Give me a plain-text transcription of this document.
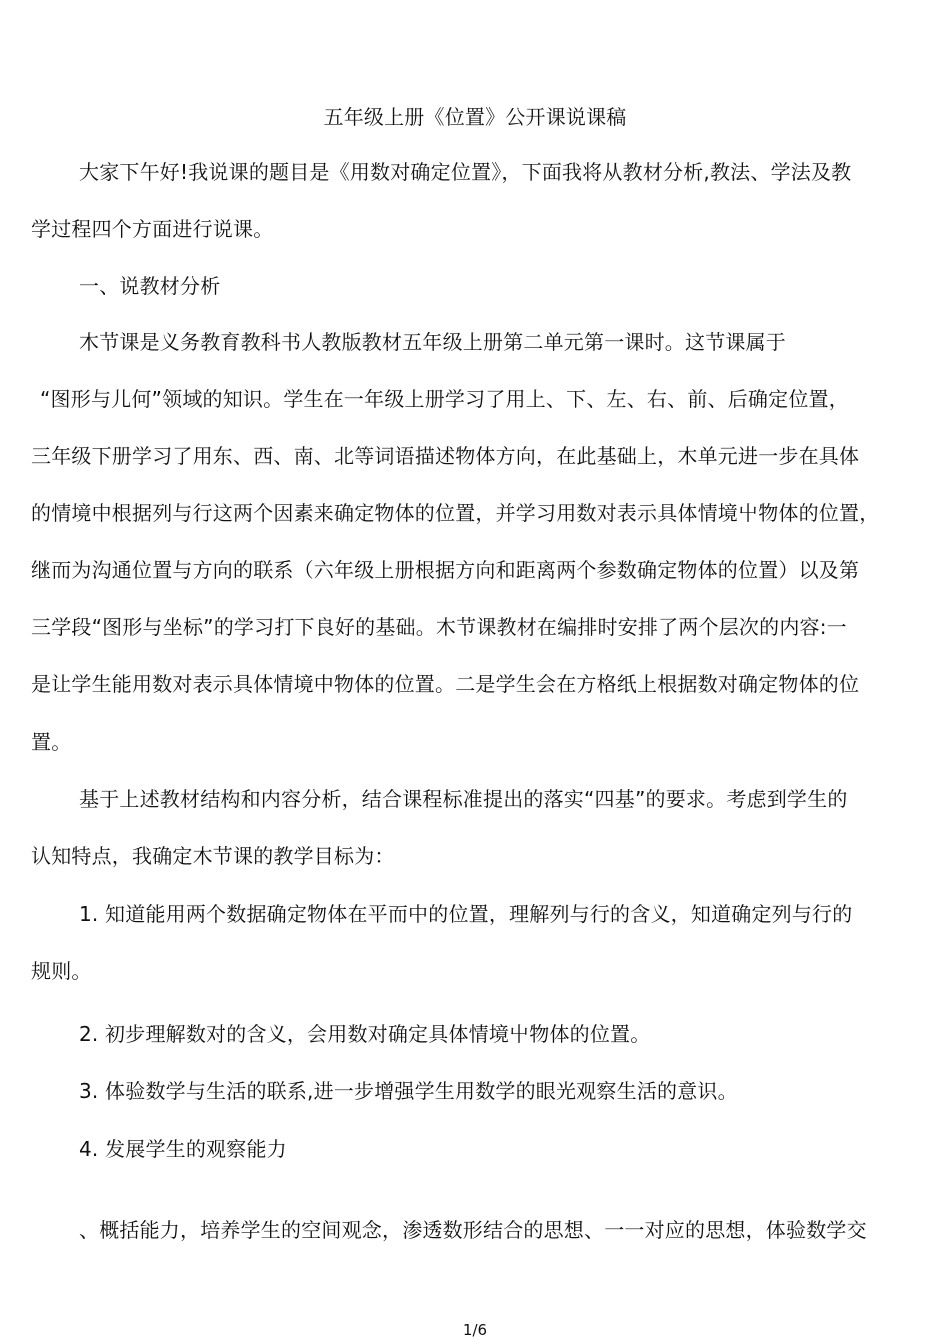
五年级上册《位置》公开课说课稿
大家下午好!我说课的题目是《用数对确定位置》，下面我将从教材分析,教法、学法及教
学过程四个方面进行说课。
一、说教材分析
木节课是义务教育教科书人教版教材五年级上册第二单元第一课时。这节课属于
“图形与儿何”领域的知识。学生在一年级上册学习了用上、下、左、右、前、后确定位置，
三年级下册学习了用东、西、南、北等词语描述物体方向，在此基础上，木单元进一步在具体
的情境中根据列与行这两个因素来确定物体的位置，并学习用数对表示具体情境屮物体的位置，
继而为沟通位置与方向的联系（六年级上册根据方向和距离两个参数确定物体的位置）以及第
三学段“图形与坐标”的学习打下良好的基础。木节课教材在编排时安排了两个层次的内容:一
是让学生能用数对表示具体情境中物体的位置。二是学生会在方格纸上根据数对确定物体的位
置。
基于上述教材结构和内容分析，结合课程标准提出的落实“四基”的要求。考虑到学生的
认知特点，我确定木节课的教学目标为：
1. 知道能用两个数据确定物体在平而中的位置，理解列与行的含义，知道确定列与行的
规则。
2. 初步理解数对的含义，会用数对确定具体情境屮物体的位置。
3. 体验数学与生活的联系,进一步增强学生用数学的眼光观察生活的意识。
4. 发展学生的观察能力
、概括能力，培养学生的空间观念，渗透数形结合的思想、一一对应的思想，体验数学交
1/6
